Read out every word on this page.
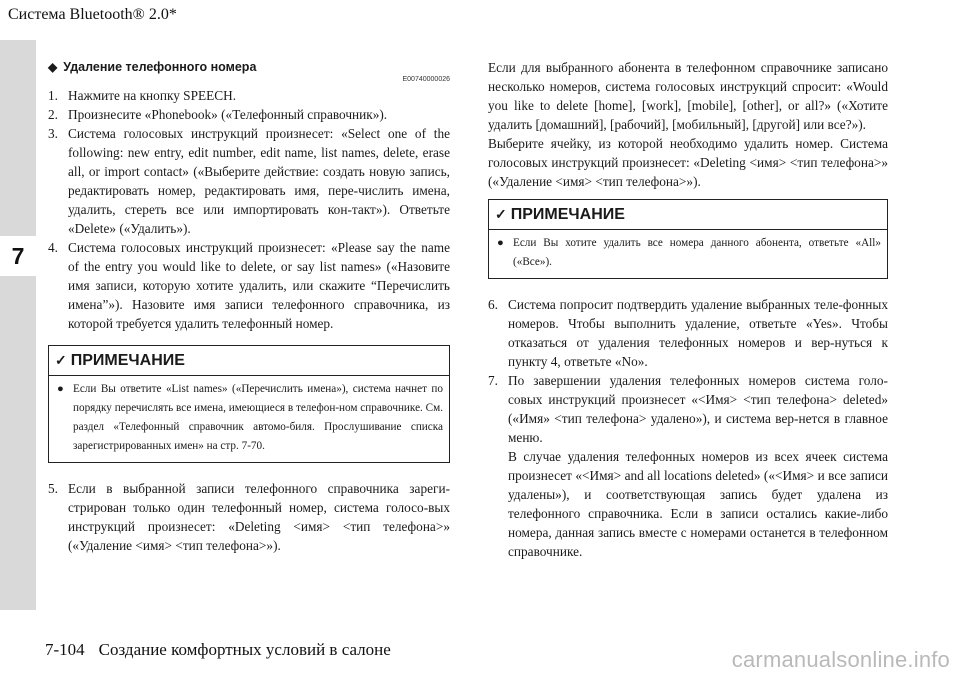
Система Bluetooth® 2.0*
7
◆ Удаление телефонного номера
E00740000026
1. Нажмите на кнопку SPEECH.
2. Произнесите «Phonebook» («Телефонный справочник»).
3. Система голосовых инструкций произнесет: «Select one of the following: new entry, edit number, edit name, list names, delete, erase all, or import contact» («Выберите действие: создать новую запись, редактировать номер, редактировать имя, пере-числить имена, удалить, стереть все или импортировать кон-такт»). Ответьте «Delete» («Удалить»).
4. Система голосовых инструкций произнесет: «Please say the name of the entry you would like to delete, or say list names» («Назовите имя записи, которую хотите удалить, или скажите “Перечислить имена”»). Назовите имя записи телефонного справочника, из которой требуется удалить телефонный номер.
✓ ПРИМЕЧАНИЕ
● Если Вы ответите «List names» («Перечислить имена»), система начнет по порядку перечислять все имена, имеющиеся в телефон-ном справочнике. См. раздел «Телефонный справочник автомо-биля. Прослушивание списка зарегистрированных имен» на стр. 7-70.
5. Если в выбранной записи телефонного справочника зареги-стрирован только один телефонный номер, система голосо-вых инструкций произнесет: «Deleting <имя> <тип телефона>» («Удаление <имя> <тип телефона>»).

Если для выбранного абонента в телефонном справочнике записано несколько номеров, система голосовых инструкций спросит: «Would you like to delete [home], [work], [mobile], [other], or all?» («Хотите удалить [домашний], [рабочий], [мобильный], [другой] или все?»).

Выберите ячейку, из которой необходимо удалить номер. Система голосовых инструкций произнесет: «Deleting <имя> <тип телефона>» («Удаление <имя> <тип телефона>»).

✓ ПРИМЕЧАНИЕ
● Если Вы хотите удалить все номера данного абонента, ответьте «All» («Все»).
6. Система попросит подтвердить удаление выбранных теле-фонных номеров. Чтобы выполнить удаление, ответьте «Yes». Чтобы отказаться от удаления телефонных номеров и вер-нуться к пункту 4, ответьте «No».
7. По завершении удаления телефонных номеров система голо-совых инструкций произнесет «<Имя> <тип телефона> deleted» («Имя» <тип телефона> удалено»), и система вер-нется в главное меню.
В случае удаления телефонных номеров из всех ячеек система произнесет «<Имя> and all locations deleted» («<Имя> и все записи удалены»), и соответствующая запись будет удалена из телефонного справочника. Если в записи остались какие-либо номера, данная запись вместе с номерами останется в телефонном справочнике.
7-104 Создание комфортных условий в салоне	carmanualsonline.info
